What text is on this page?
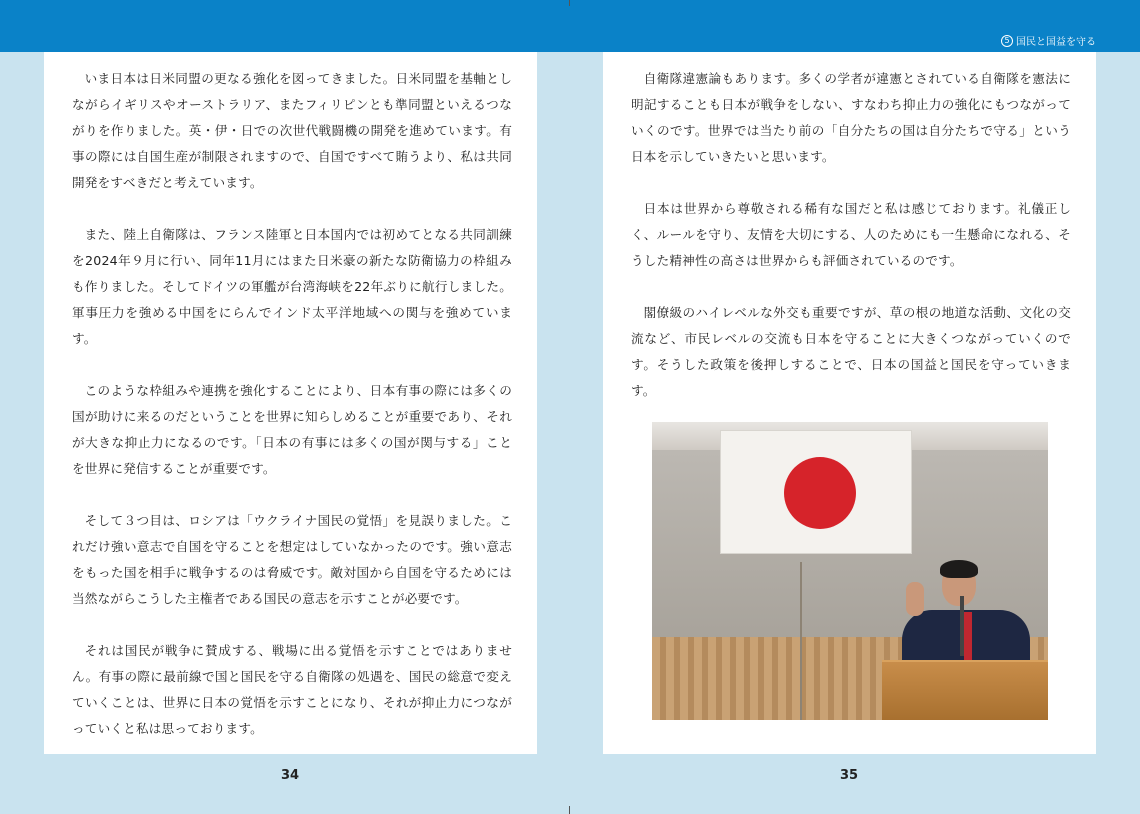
5 国民と国益を守る

いま日本は日米同盟の更なる強化を図ってきました。日米同盟を基軸としながらイギリスやオーストラリア、またフィリピンとも準同盟といえるつながりを作りました。英・伊・日での次世代戦闘機の開発を進めています。有事の際には自国生産が制限されますので、自国ですべて賄うより、私は共同開発をすべきだと考えています。

また、陸上自衛隊は、フランス陸軍と日本国内では初めてとなる共同訓練を2024年９月に行い、同年11月にはまた日米豪の新たな防衛協力の枠組みも作りました。そしてドイツの軍艦が台湾海峡を22年ぶりに航行しました。軍事圧力を強める中国をにらんでインド太平洋地域への関与を強めています。

このような枠組みや連携を強化することにより、日本有事の際には多くの国が助けに来るのだということを世界に知らしめることが重要であり、それが大きな抑止力になるのです。「日本の有事には多くの国が関与する」ことを世界に発信することが重要です。

そして３つ目は、ロシアは「ウクライナ国民の覚悟」を見誤りました。これだけ強い意志で自国を守ることを想定はしていなかったのです。強い意志をもった国を相手に戦争するのは脅威です。敵対国から自国を守るためには当然ながらこうした主権者である国民の意志を示すことが必要です。

それは国民が戦争に賛成する、戦場に出る覚悟を示すことではありません。有事の際に最前線で国と国民を守る自衛隊の処遇を、国民の総意で変えていくことは、世界に日本の覚悟を示すことになり、それが抑止力につながっていくと私は思っております。

自衛隊違憲論もあります。多くの学者が違憲とされている自衛隊を憲法に明記することも日本が戦争をしない、すなわち抑止力の強化にもつながっていくのです。世界では当たり前の「自分たちの国は自分たちで守る」という日本を示していきたいと思います。

日本は世界から尊敬される稀有な国だと私は感じております。礼儀正しく、ルールを守り、友情を大切にする、人のためにも一生懸命になれる、そうした精神性の高さは世界からも評価されているのです。

閣僚級のハイレベルな外交も重要ですが、草の根の地道な活動、文化の交流など、市民レベルの交流も日本を守ることに大きくつながっていくのです。そうした政策を後押しすることで、日本の国益と国民を守っていきます。

34	35
